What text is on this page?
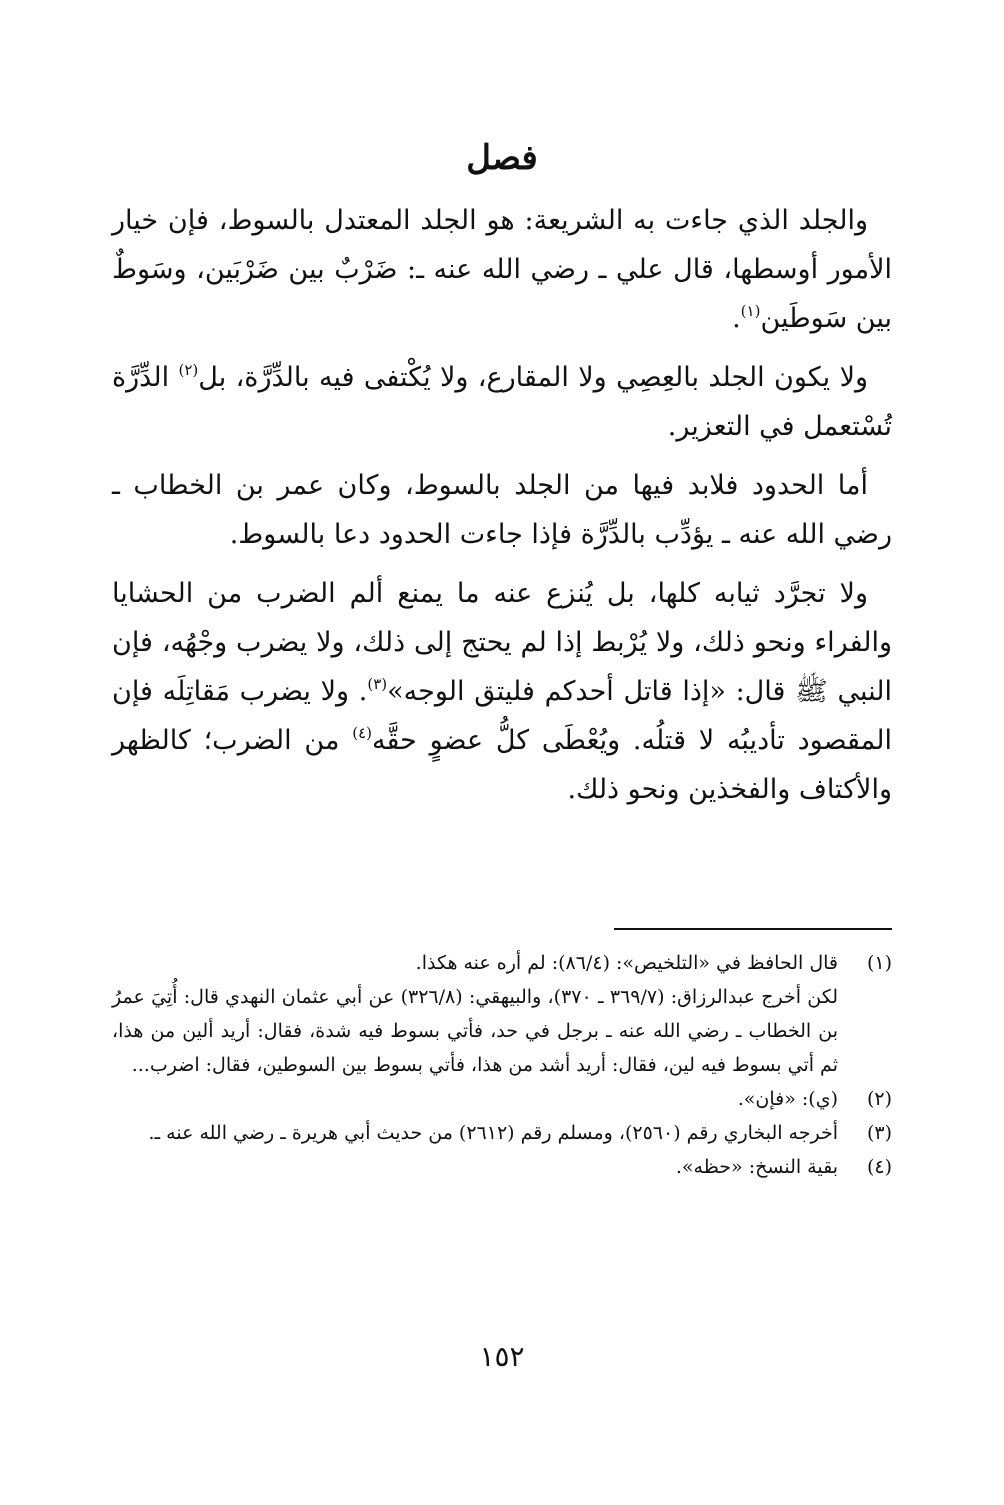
فصل

والجلد الذي جاءت به الشريعة: هو الجلد المعتدل بالسوط، فإن خيار الأمور أوسطها، قال علي ـ رضي الله عنه ـ: ضَرْبٌ بين ضَرْبَين، وسَوطٌ بين سَوطَين$^{(١)}$.

ولا يكون الجلد بالعِصِي ولا المقارع، ولا يُكْتفى فيه بالدِّرَّة، بل$^{(٢)}$ الدِّرَّة تُسْتعمل في التعزير.

أما الحدود فلابد فيها من الجلد بالسوط، وكان عمر بن الخطاب ـ رضي الله عنه ـ يؤدِّب بالدِّرَّة فإذا جاءت الحدود دعا بالسوط.

ولا تجرَّد ثيابه كلها، بل يُنزع عنه ما يمنع ألم الضرب من الحشايا والفراء ونحو ذلك، ولا يُرْبط إذا لم يحتج إلى ذلك، ولا يضرب وجْهُه، فإن النبي ﷺ قال: «إذا قاتل أحدكم فليتق الوجه»$^{(٣)}$. ولا يضرب مَقاتِلَه فإن المقصود تأديبُه لا قتلُه. ويُعْطَى كلُّ عضوٍ حقَّه$^{(٤)}$ من الضرب؛ كالظهر والأكتاف والفخذين ونحو ذلك.

(١)
قال الحافظ في «التلخيص»: (٨٦/٤): لم أره عنه هكذا.
لكن أخرج عبدالرزاق: (٣٦٩/٧ ـ ٣٧٠)، والبيهقي: (٣٢٦/٨) عن أبي عثمان النهدي قال: أُتِيَ عمرُ بن الخطاب ـ رضي الله عنه ـ برجل في حد، فأتي بسوط فيه شدة، فقال: أريد ألين من هذا، ثم أتي بسوط فيه لين، فقال: أريد أشد من هذا، فأتي بسوط بين السوطين، فقال: اضرب...
(٢)
(ي): «فإن».
(٣)
أخرجه البخاري رقم (٢٥٦٠)، ومسلم رقم (٢٦١٢) من حديث أبي هريرة ـ رضي الله عنه ـ.
(٤)
بقية النسخ: «حظه».
١٥٢
